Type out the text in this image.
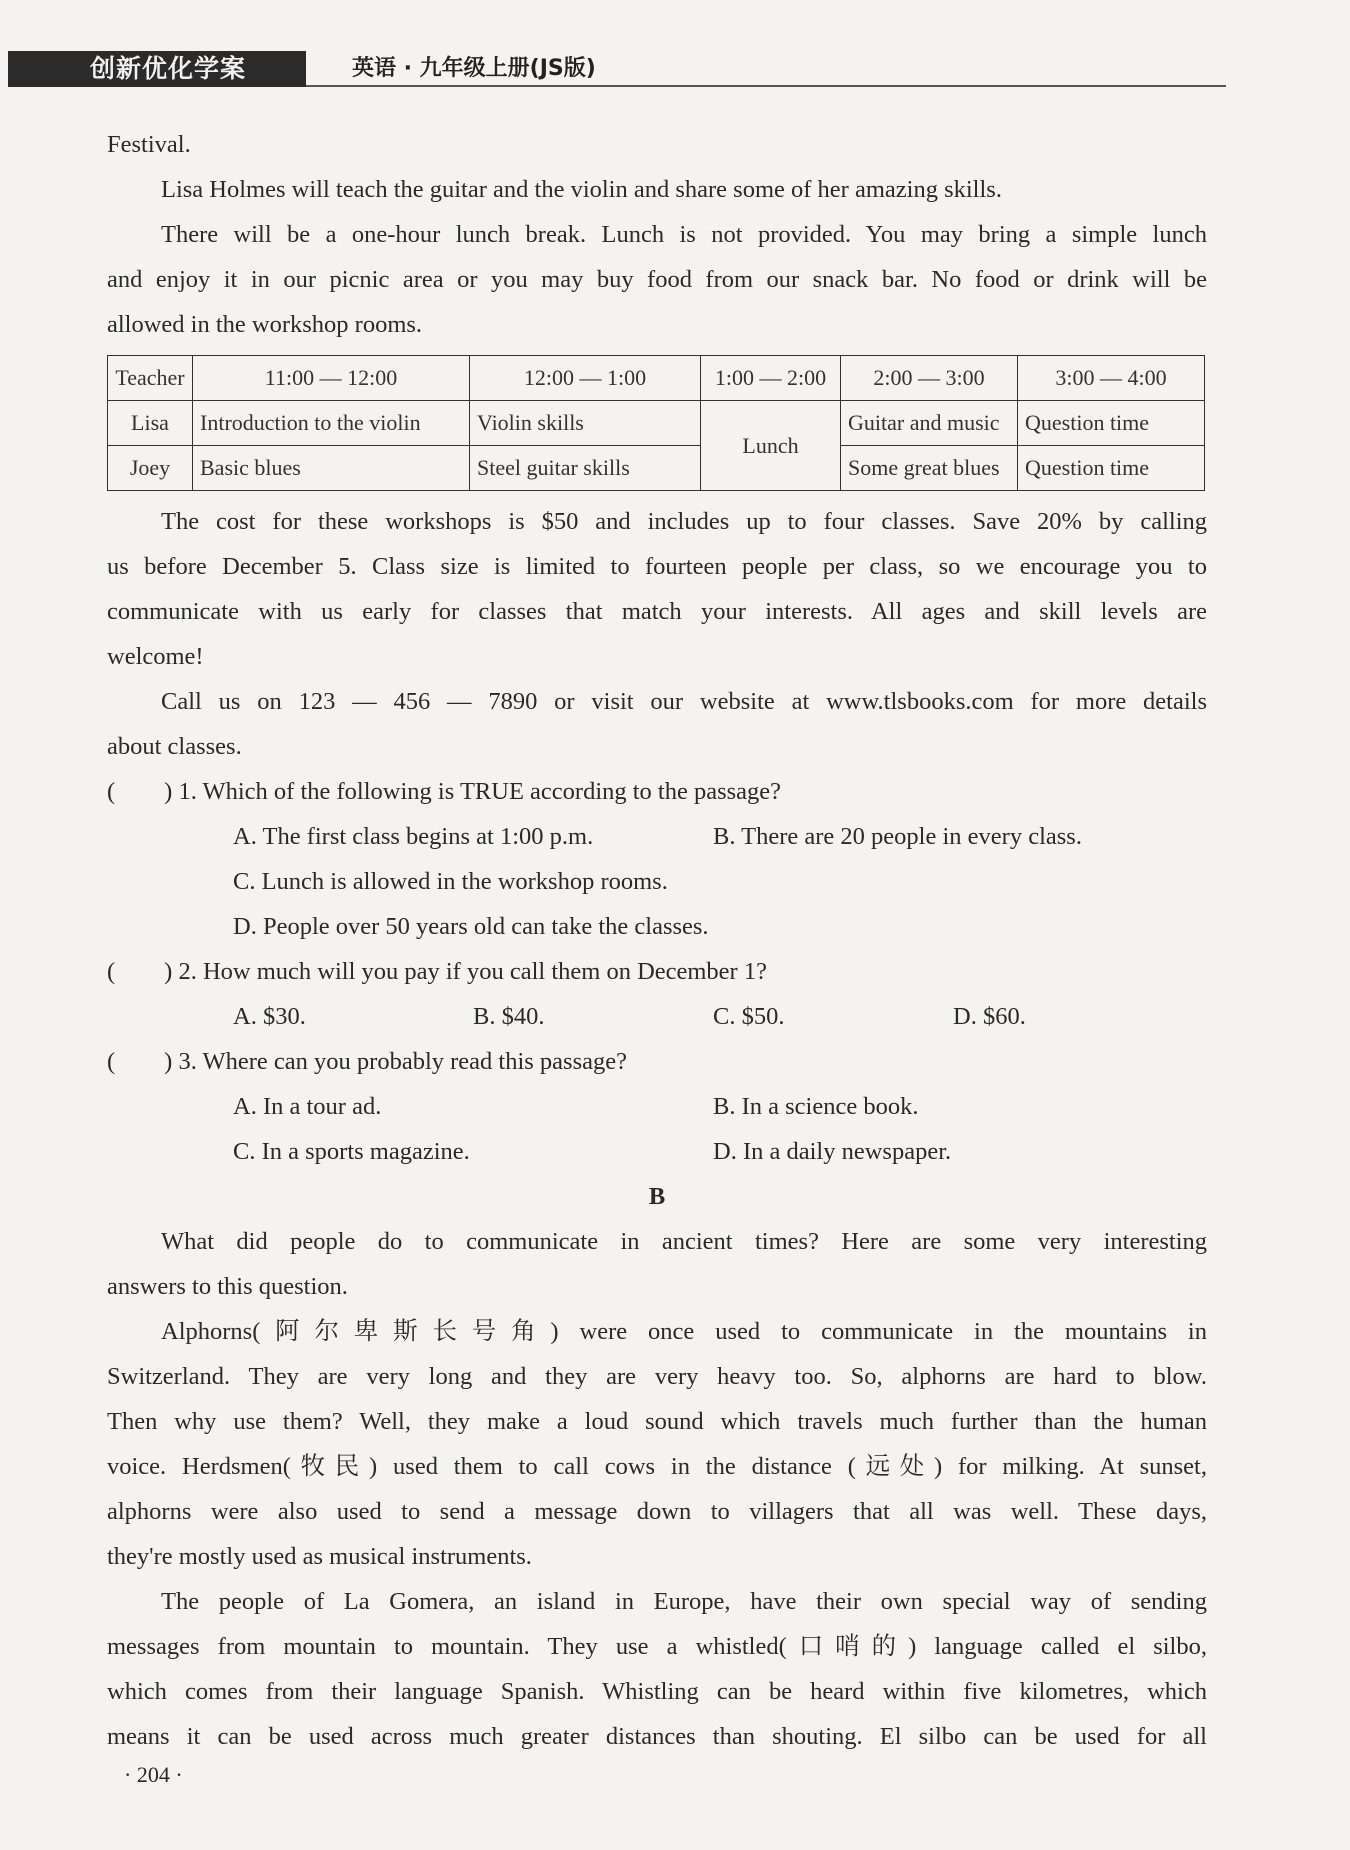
创新优化学案	英语 · 九年级上册(JS版)
Festival.
Lisa Holmes will teach the guitar and the violin and share some of her amazing skills.
There will be a one-hour lunch break. Lunch is not provided. You may bring a simple lunch
and enjoy it in our picnic area or you may buy food from our snack bar. No food or drink will be
allowed in the workshop rooms.
Teacher	11:00 — 12:00	12:00 — 1:00	1:00 — 2:00	2:00 — 3:00	3:00 — 4:00
Lisa	Introduction to the violin	Violin skills	Lunch	Guitar and music	Question time
Joey	Basic blues	Steel guitar skills		Some great blues	Question time
The cost for these workshops is $50 and includes up to four classes. Save 20% by calling
us before December 5. Class size is limited to fourteen people per class, so we encourage you to
communicate with us early for classes that match your interests. All ages and skill levels are
welcome!
Call us on 123 — 456 — 7890 or visit our website at www.tlsbooks.com for more details
about classes.
(　　) 1. Which of the following is TRUE according to the passage?
A. The first class begins at 1:00 p.m.	B. There are 20 people in every class.
C. Lunch is allowed in the workshop rooms.
D. People over 50 years old can take the classes.
(　　) 2. How much will you pay if you call them on December 1?
A. $30.	B. $40.	C. $50.	D. $60.
(　　) 3. Where can you probably read this passage?
A. In a tour ad.	B. In a science book.
C. In a sports magazine.	D. In a daily newspaper.
B
What did people do to communicate in ancient times? Here are some very interesting
answers to this question.
Alphorns(阿尔卑斯长号角) were once used to communicate in the mountains in
Switzerland. They are very long and they are very heavy too. So, alphorns are hard to blow.
Then why use them? Well, they make a loud sound which travels much further than the human
voice. Herdsmen(牧民) used them to call cows in the distance (远处) for milking. At sunset,
alphorns were also used to send a message down to villagers that all was well. These days,
they're mostly used as musical instruments.
The people of La Gomera, an island in Europe, have their own special way of sending
messages from mountain to mountain. They use a whistled(口哨的) language called el silbo,
which comes from their language Spanish. Whistling can be heard within five kilometres, which
means it can be used across much greater distances than shouting. El silbo can be used for all
· 204 ·
